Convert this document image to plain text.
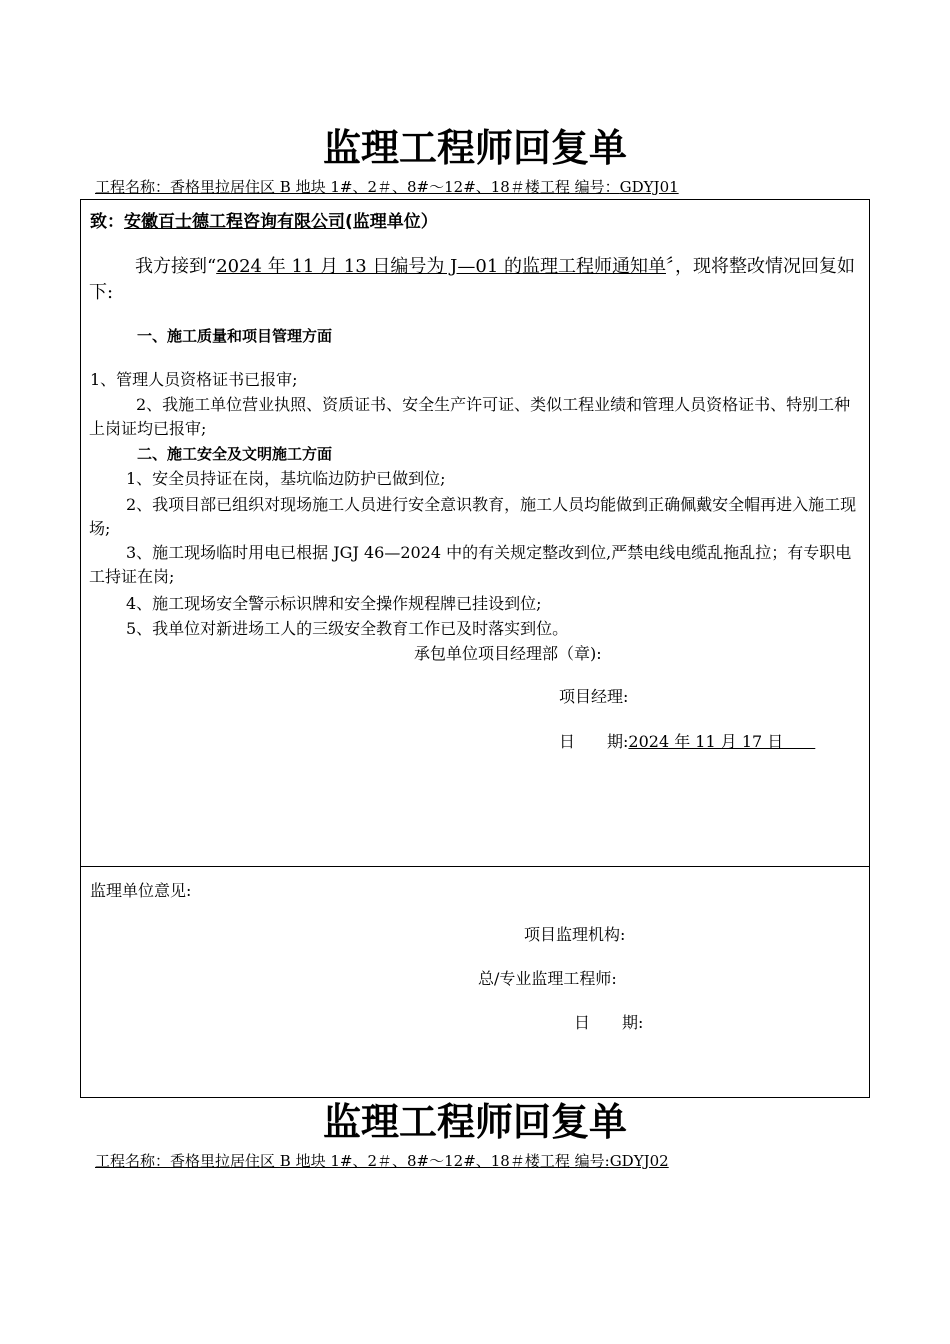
监理工程师回复单
工程名称：香格里拉居住区 B 地块 1#、2＃、8#～12#、18＃楼工程 编号：GDYJ01
致：安徽百士德工程咨询有限公司(监理单位）
我方接到“2024 年 11 月 13 日编号为 J—01 的监理工程师通知单〞，现将整改情况回复如下:
一、施工质量和项目管理方面
1、管理人员资格证书已报审;
2、我施工单位营业执照、资质证书、安全生产许可证、类似工程业绩和管理人员资格证书、特别工种上岗证均已报审;
二、施工安全及文明施工方面
1、安全员持证在岗，基坑临边防护已做到位;
2、我项目部已组织对现场施工人员进行安全意识教育，施工人员均能做到正确佩戴安全帽再进入施工现场;
3、施工现场临时用电已根据 JGJ 46—2024 中的有关规定整改到位,严禁电线电缆乱拖乱拉；有专职电工持证在岗;
4、施工现场安全警示标识牌和安全操作规程牌已挂设到位;
5、我单位对新进场工人的三级安全教育工作已及时落实到位。
承包单位项目经理部（章):
项目经理:
日　　期:2024 年 11 月 17 日　　
监理单位意见:
项目监理机构:
总/专业监理工程师:
日　　期:
监理工程师回复单
工程名称：香格里拉居住区 B 地块 1#、2＃、8#～12#、18＃楼工程 编号:GDYJ02
